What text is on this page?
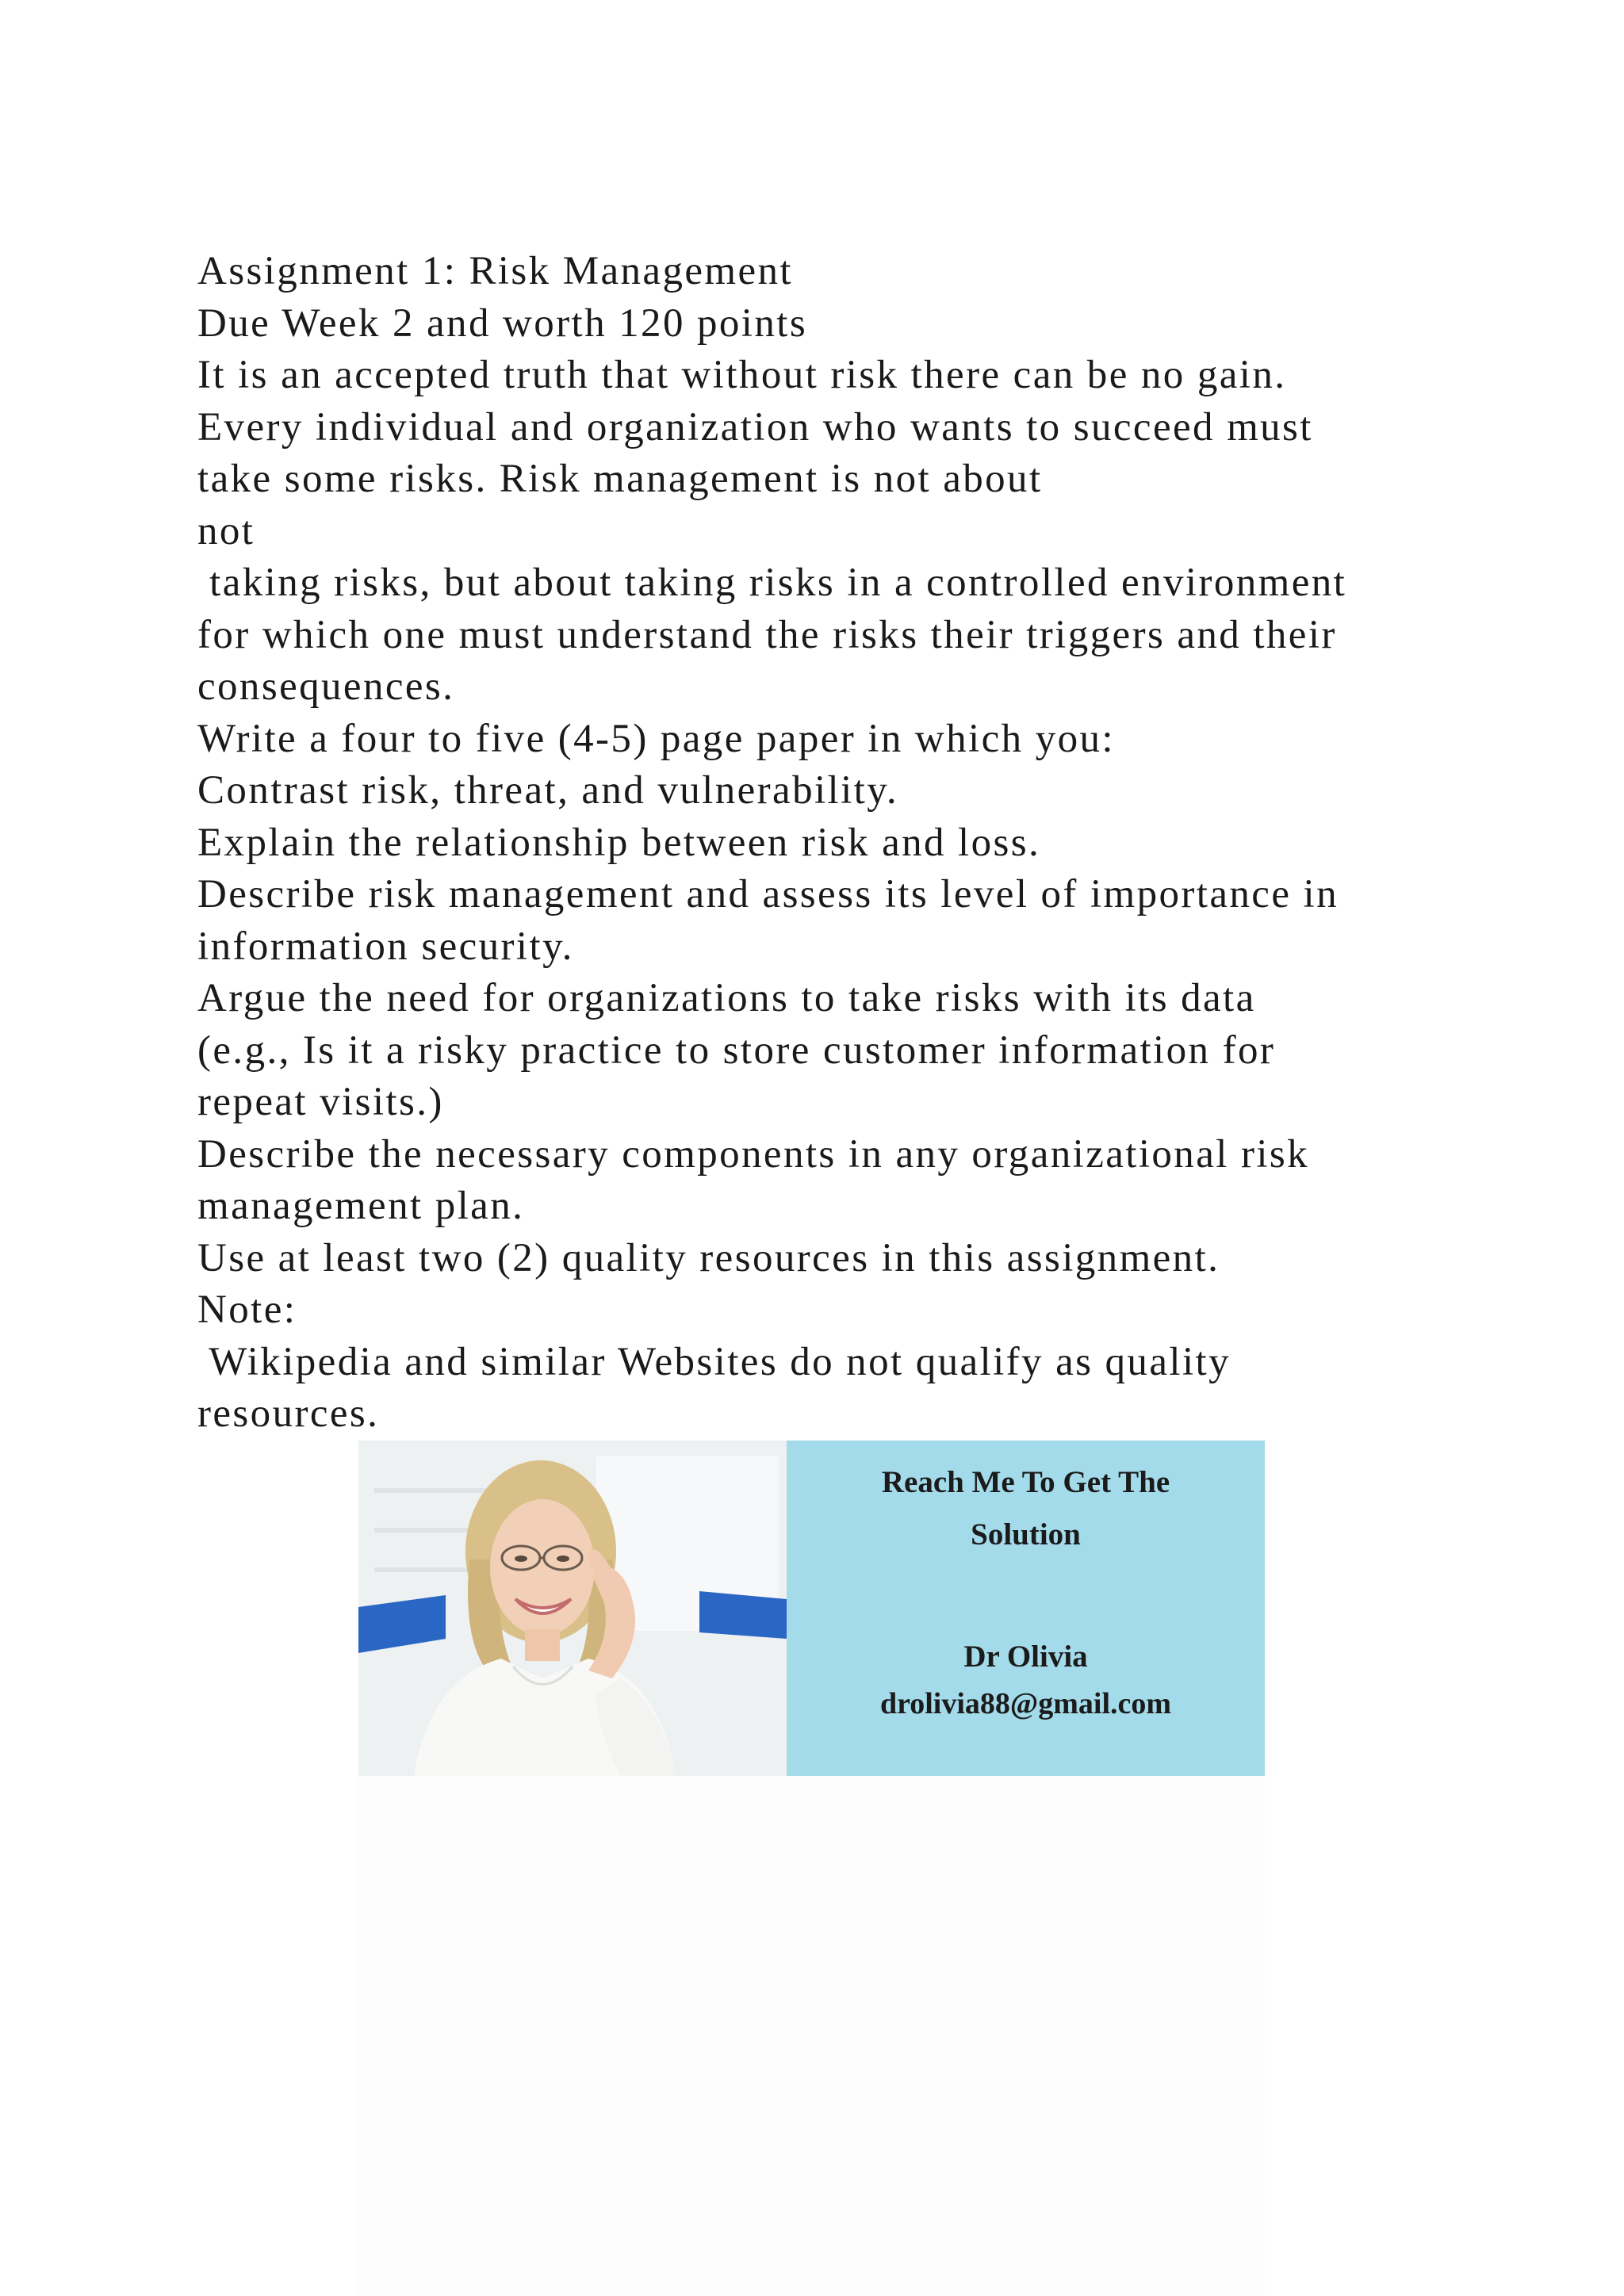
Assignment 1: Risk Management
Due Week 2 and worth 120 points
It is an accepted truth that without risk there can be no gain.
Every individual and organization who wants to succeed must
take some risks. Risk management is not about
not
taking risks, but about taking risks in a controlled environment
for which one must understand the risks their triggers and their
consequences.
Write a four to five (4-5) page paper in which you:
Contrast risk, threat, and vulnerability.
Explain the relationship between risk and loss.
Describe risk management and assess its level of importance in
information security.
Argue the need for organizations to take risks with its data
(e.g., Is it a risky practice to store customer information for
repeat visits.)
Describe the necessary components in any organizational risk
management plan.
Use at least two (2) quality resources in this assignment.
Note:
Wikipedia and similar Websites do not qualify as quality
resources.
Reach Me To Get The
Solution
Dr Olivia
drolivia88@gmail.com
